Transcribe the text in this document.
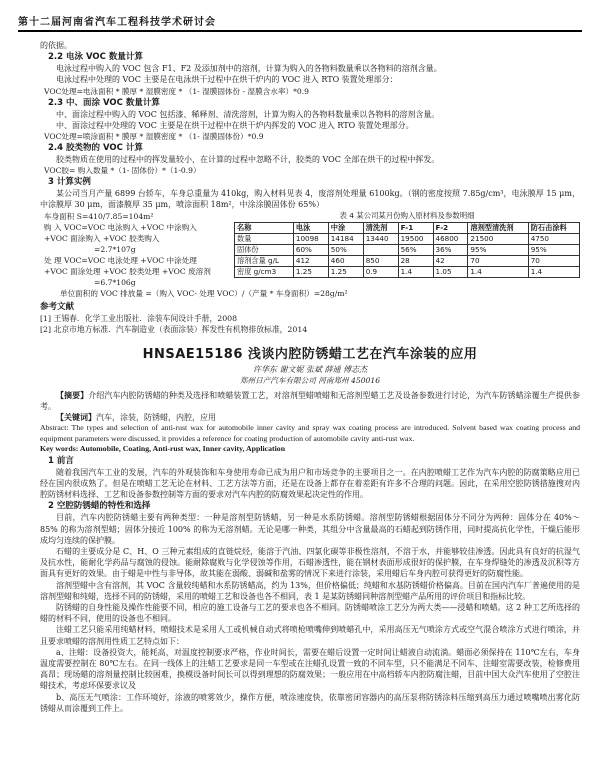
第十二届河南省汽车工程科技学术研讨会

的依据。

2.2 电泳 VOC 数量计算

电泳过程中购入的 VOC 包含 F1、F2 及添加剂中的溶剂，计算为购入的各物料数量乘以各物料的溶剂含量。

电泳过程中处理的 VOC 主要是在电泳烘干过程中在烘干炉内的 VOC 进入 RTO 装置处理部分：

VOC处理=电泳面积 * 膜厚 * 湿膜密度 * （1- 湿膜固体份 - 湿膜含水率）*0.9

2.3 中、面涂 VOC 数量计算

中、面涂过程中购入的 VOC 包括漆、稀释剂、清洗溶剂，计算为购入的各物料数量乘以各物料的溶剂含量。

中、面涂过程中处理的 VOC 主要是在烘干过程中在烘干炉内挥发的 VOC 进入 RTO 装置处理部分。

VOC处理=喷涂面积 * 膜厚 * 湿膜密度 * （1- 湿膜固体份）*0.9

2.4 胶类物的 VOC 计算

胶类物质在使用的过程中的挥发量较小，在计算的过程中忽略不计，胶类的 VOC 全部在烘干的过程中挥发。

VOC胶= 购入数量 *（1- 固体份）*（1-0.9）

3 计算实例

某公司当月产量 6899 台轿车，车身总重量为 410kg，购入材料见表 4，废溶剂处理量 6100kg。（钢的密度按照 7.85g/cm³，电泳膜厚 15 μm，中涂膜厚 30 μm，面漆膜厚 35 μm，喷涂面积 18m²，中涂涂膜固体份 65%）

车身面积 S=410/7.85=104m²

购 入 VOC=VOC 电泳购入 +VOC 中涂购入

+VOC 面涂购入 +VOC 胶类购入

=2.7*107g

处 理 VOC=VOC 电泳处理 +VOC 中涂处理

+VOC 面涂处理 +VOC 胶类处理 +VOC 废溶剂

=6.7*106g

表 4 某公司某月份购入原材料及参数明细

名称	电泳	中涂	清洗剂	F-1	F-2	溶剂型清洗剂	防石击涂料
数量	10098	14184	13440	19500	46800	21500	4750
固体份	60%	50%		56%	36%	95%	95%
溶剂含量 g/L	412	460	850	28	42	70	70
密度 g/cm3	1.25	1.25	0.9	1.4	1.05	1.4	1.4

单位面积的 VOC 排放量 =（购入 VOC- 处理 VOC）/（产量 * 车身面积）=28g/m²

参考文献

[1] 王锡春．化学工业出版社．涂装车间设计手册，2008

[2] 北京市地方标准．汽车制造业（表面涂装）挥发性有机物排放标准，2014

HNSAE15186 浅谈内腔防锈蜡工艺在汽车涂装的应用

许华东 谢文妮 张斌 薛通 傅志杰

郑州日产汽车有限公司 河南郑州 450016

【摘要】介绍汽车内腔防锈蜡的种类及选择和喷蜡装置工艺，对溶剂型蜡喷蜡和无溶剂型蜡工艺及设备参数进行讨论，为汽车防锈蜡涂覆生产提供参考。

【关键词】汽车，涂装，防锈蜡，内腔，应用

Abstract: The types and selection of anti-rust wax for automobile inner cavity and spray wax coating process are introduced. Solvent based wax coating process and equipment parameters were discussed, it provides a reference for coating production of automobile cavity anti-rust wax.

Key words: Automobile, Coating, Anti-rust wax, Inner cavity, Application

1 前言

随着我国汽车工业的发展，汽车的外观装饰和车身使用寿命已成为用户和市场竞争的主要项目之一。在内腔喷蜡工艺作为汽车内腔的防腐策略应用已经在国内很成熟了。但是在喷蜡工艺无论在材料、工艺方法等方面，还是在设备上都存在着差距有许多不合理的问题。因此，在采用空腔防锈措施搜对内腔防锈材料选择、工艺和设备参数控制等方面的要求对汽车内腔的防腐效果起决定性的作用。

2 空腔防锈蜡的特性和选择

目前，汽车内腔防锈蜡主要有两种类型：一种是溶剂型防锈蜡，另一种是水系防锈蜡。溶剂型防锈蜡根据固体分不同分为两种：固体分在 40%～85% 的称为溶剂型蜡；固体分接近 100% 的称为无溶剂蜡。无论是哪一种类，其组分中含量最高的石蜡起到防锈作用，同时提高抗化学性，干燥后能形成均匀连续的保护膜。

石蜡的主要成分是 C、H、O 三种元素组成的直链烷烃，能溶于汽油、四氯化碳等非极性溶剂，不溶于水，并能够较佳渗透。因此具有良好的抗湿气及抗水性，能耐化学药品与腐蚀的侵蚀。能耐除腐败与化学侵蚀等作用，石蜡渗透性，能在钢材表面形成很好的保护膜，在车身焊缝处的渗透及沉积等方面具有更好的效果。由于蜡是中性与非导体，故其能在弱酸、弱碱和盐雾的情况下来进行涂装，采用蜡后车身内腔可获得更好的防腐性能。

溶剂型蜡中含有溶剂，其 VOC 含量较纯蜡和水系防锈蜡高，约为 13%，但价格偏低；纯蜡和水基防锈蜡价格偏高。目前在国内汽车厂普遍使用的是溶剂型蜡和纯蜡，选择不同的防锈蜡，采用的喷蜡工艺和设备也各不相同，表 1 是某防锈蜡同种溶剂型蜡产品所用的评价项目和指标比较。

防锈蜡的自身性能及操作性能要不同，相应的施工设备与工艺的要求也各不相同。防锈蜡喷涂工艺分为两大类——浸蜡和喷蜡。这 2 种工艺所选择的蜡的材料不同，使用的设备也不相同。

注蜡工艺只能采用纯蜡材料，喷蜡技术是采用人工或机械自动式将喷枪喷嘴伸到喷蜡孔中，采用高压无气喷涂方式或空气混合喷涂方式进行喷涂，并且要求喷蜡的溶剂用性质工艺特点如下：

a、注蜡：设备投资大，能耗高，对温度控制要求严格，作业时间长，需要在蜡后设置一定时间让蜡液自动流淌。蜡面必须保持在 110℃左右，车身温度需要控制在 80℃左右。在同一线体上的注蜡工艺要求是同一车型或在注蜡孔设置一致的不同车型，只不能满足不同车、注蜡室需要改装，检修费用高昂；现场蜡的溶剂量控制比较困难，换模设备时间长可以得到理想的防腐效果；一般应用在中高档轿车内腔防腐注蜡，目前中国大众汽车使用了空腔注蜡技术，考虑环保要求议及

b、高压无气喷涂：工作环境好，涂液的喷雾效少，操作方便，喷涂速度快，依靠密闭容器内的高压泵将防锈涂料压缩到高压力通过喷嘴喷出雾化防锈蜡从而涂覆到工件上。
